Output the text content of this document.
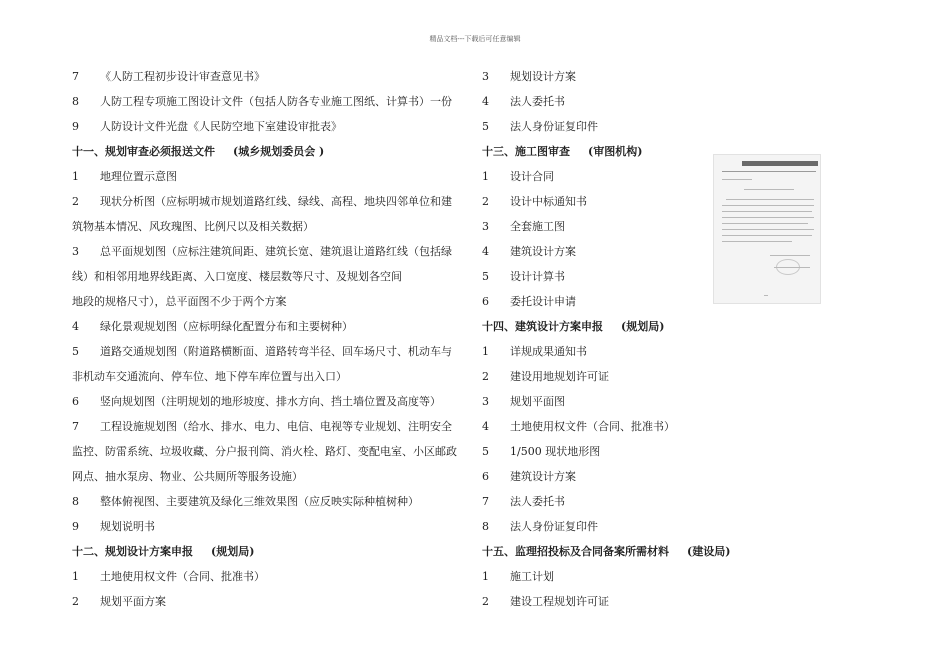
精品文档---下载后可任意编辑
7	《人防工程初步设计审查意见书》
8	人防工程专项施工图设计文件（包括人防各专业施工图纸、计算书）一份
9	人防设计文件光盘《人民防空地下室建设审批表》
十一、规划审查必须报送文件 (城乡规划委员会 )
1	地理位置示意图
2	现状分析图（应标明城市规划道路红线、绿线、高程、地块四邻单位和建
筑物基本情况、风玫瑰图、比例尺以及相关数据）
3	总平面规划图（应标注建筑间距、建筑长宽、建筑退让道路红线（包括绿
线）和相邻用地界线距离、入口宽度、楼层数等尺寸、及规划各空间
地段的规格尺寸），总平面图不少于两个方案
4	绿化景观规划图（应标明绿化配置分布和主要树种）
5	道路交通规划图（附道路横断面、道路转弯半径、回车场尺寸、机动车与
非机动车交通流向、停车位、地下停车库位置与出入口）
6	竖向规划图（注明规划的地形坡度、排水方向、挡土墙位置及高度等）
7	工程设施规划图（给水、排水、电力、电信、电视等专业规划、注明安全
监控、防雷系统、垃圾收藏、分户报刊筒、消火栓、路灯、变配电室、小区邮政
网点、抽水泵房、物业、公共厕所等服务设施）
8	整体俯视图、主要建筑及绿化三维效果图（应反映实际种植树种）
9	规划说明书
十二、规划设计方案申报 (规划局)
1	土地使用权文件（合同、批准书）
2	规划平面方案
3	规划设计方案
4	法人委托书
5	法人身份证复印件
十三、施工图审查 (审图机构)
1	设计合同
2	设计中标通知书
3	全套施工图
4	建筑设计方案
5	设计计算书
6	委托设计申请
十四、建筑设计方案申报 (规划局)
1	详规成果通知书
2	建设用地规划许可证
3	规划平面图
4	土地使用权文件（合同、批准书）
5	1/500 现状地形图
6	建筑设计方案
7	法人委托书
8	法人身份证复印件
十五、监理招投标及合同备案所需材料 (建设局)
1	施工计划
2	建设工程规划许可证
